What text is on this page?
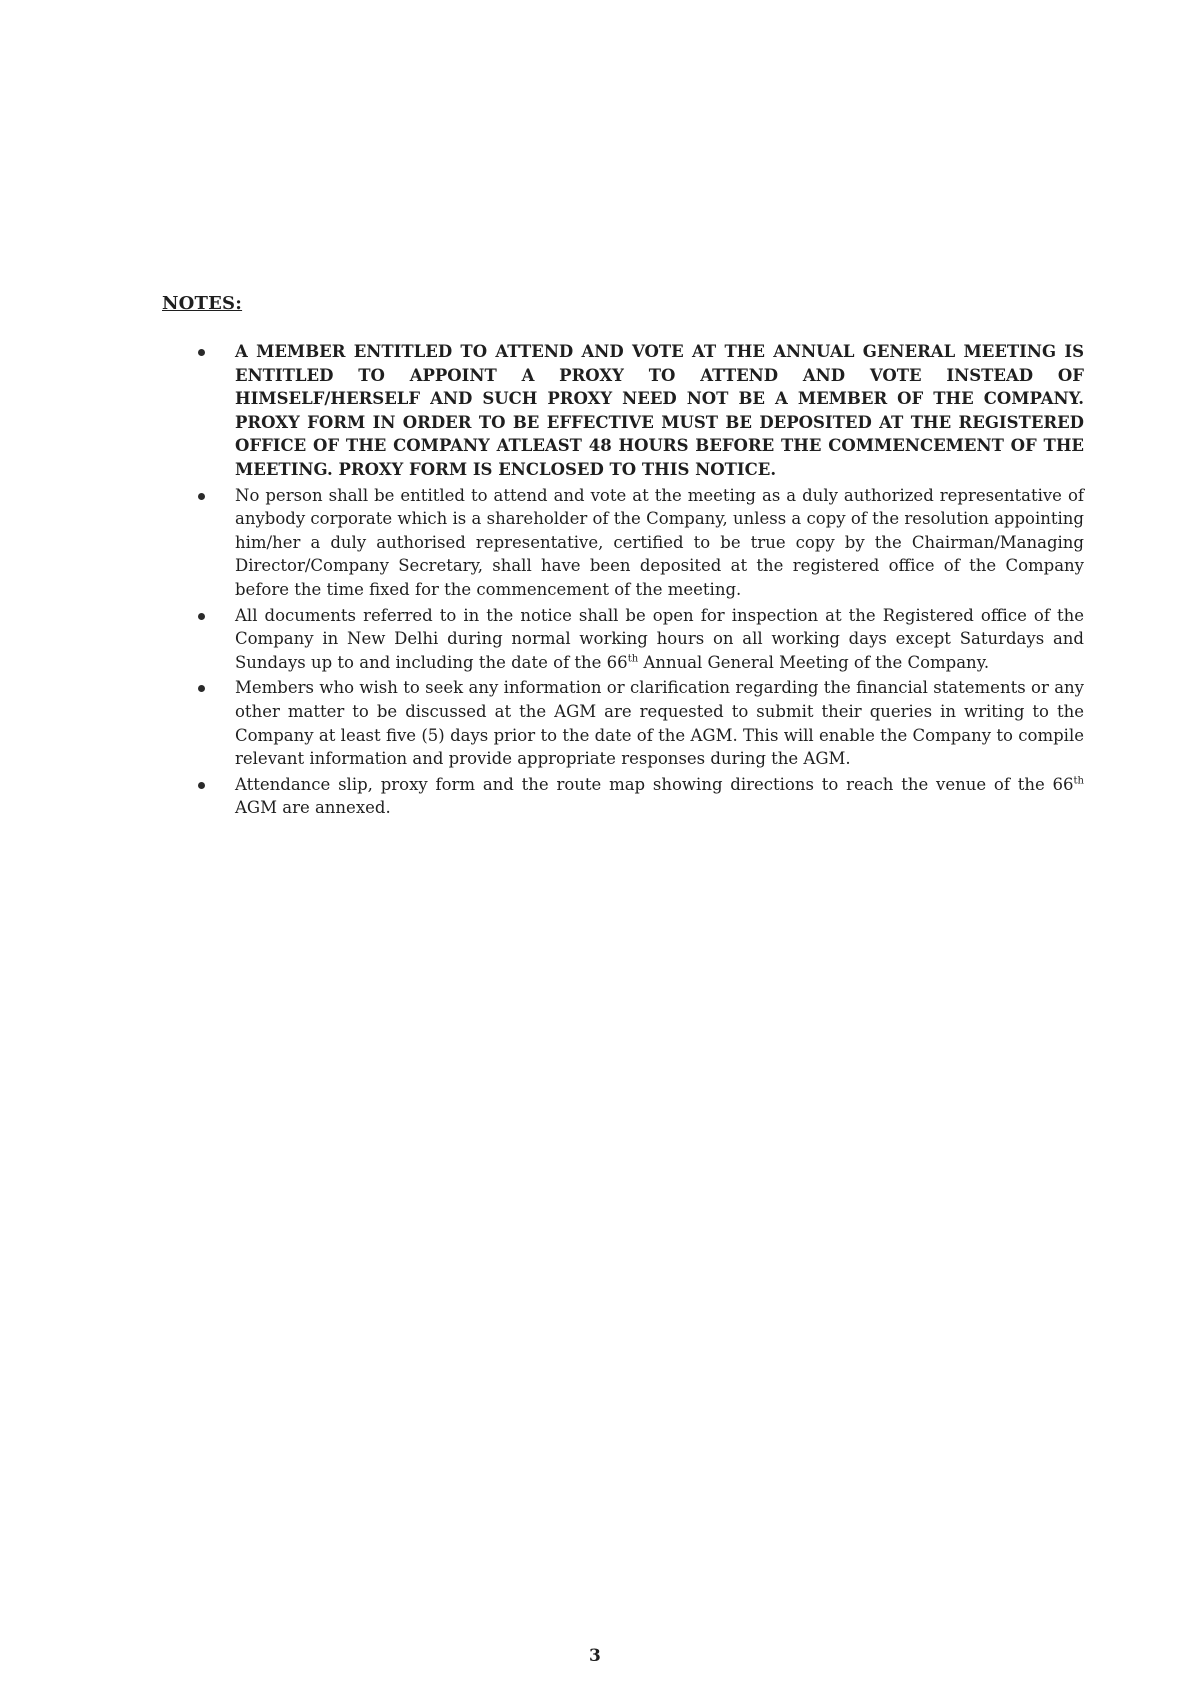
NOTES:
A MEMBER ENTITLED TO ATTEND AND VOTE AT THE ANNUAL GENERAL MEETING IS ENTITLED TO APPOINT A PROXY TO ATTEND AND VOTE INSTEAD OF HIMSELF/HERSELF AND SUCH PROXY NEED NOT BE A MEMBER OF THE COMPANY. PROXY FORM IN ORDER TO BE EFFECTIVE MUST BE DEPOSITED AT THE REGISTERED OFFICE OF THE COMPANY ATLEAST 48 HOURS BEFORE THE COMMENCEMENT OF THE MEETING. PROXY FORM IS ENCLOSED TO THIS NOTICE.
No person shall be entitled to attend and vote at the meeting as a duly authorized representative of anybody corporate which is a shareholder of the Company, unless a copy of the resolution appointing him/her a duly authorised representative, certified to be true copy by the Chairman/Managing Director/Company Secretary, shall have been deposited at the registered office of the Company before the time fixed for the commencement of the meeting.
All documents referred to in the notice shall be open for inspection at the Registered office of the Company in New Delhi during normal working hours on all working days except Saturdays and Sundays up to and including the date of the 66th Annual General Meeting of the Company.
Members who wish to seek any information or clarification regarding the financial statements or any other matter to be discussed at the AGM are requested to submit their queries in writing to the Company at least five (5) days prior to the date of the AGM. This will enable the Company to compile relevant information and provide appropriate responses during the AGM.
Attendance slip, proxy form and the route map showing directions to reach the venue of the 66th AGM are annexed.
3
